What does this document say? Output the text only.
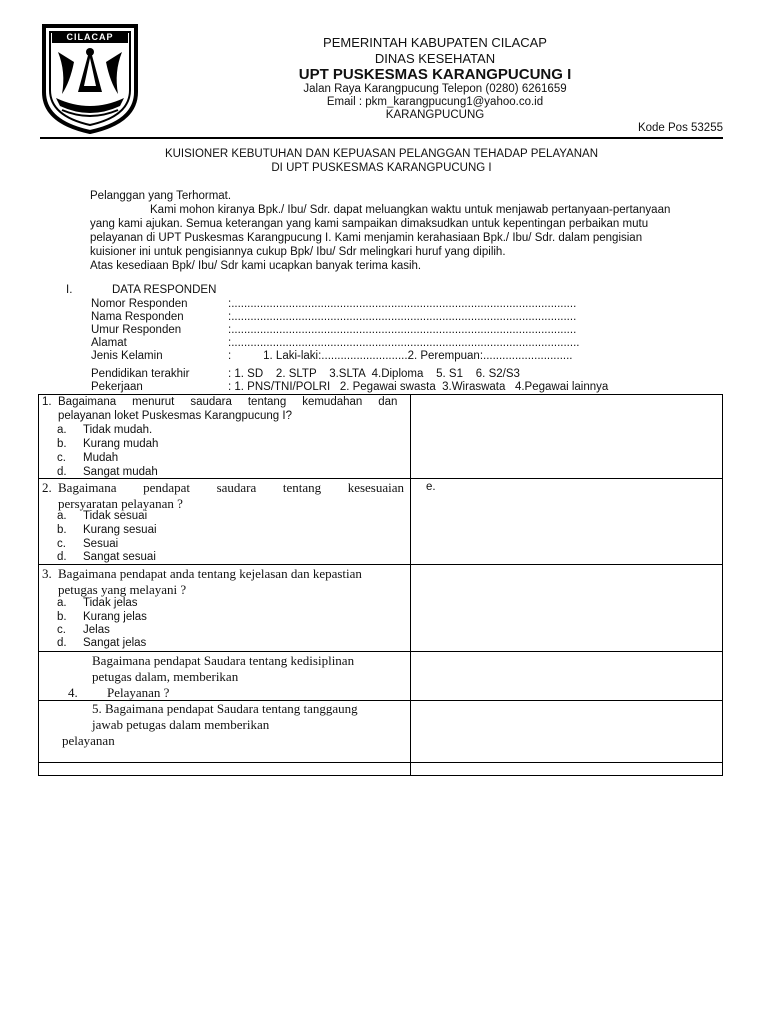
CILACAP	PEMERINTAH KABUPATEN CILACAP
DINAS KESEHATAN
UPT PUSKESMAS KARANGPUCUNG I
Jalan Raya Karangpucung Telepon (0280) 6261659
Email : pkm_karangpucung1@yahoo.co.id
KARANGPUCUNG
Kode Pos 53255
KUISIONER KEBUTUHAN DAN KEPUASAN PELANGGAN TEHADAP PELAYANAN
DI UPT PUSKESMAS KARANGPUCUNG I
Pelanggan yang Terhormat.
Kami mohon kiranya Bpk./ Ibu/ Sdr. dapat meluangkan waktu untuk menjawab pertanyaan-pertanyaan
yang kami ajukan. Semua keterangan yang kami sampaikan dimaksudkan untuk kepentingan perbaikan mutu
pelayanan di UPT Puskesmas Karangpucung I. Kami menjamin kerahasiaan Bpk./ Ibu/ Sdr. dalam pengisian
kuisioner ini untuk pengisiannya cukup Bpk/ Ibu/ Sdr melingkari huruf yang dipilih.
Atas kesediaan Bpk/ Ibu/ Sdr kami ucapkan banyak terima kasih.
I.	DATA RESPONDEN
Nomor Responden	:............................................................................................................
Nama Responden	:............................................................................................................
Umur Responden	:............................................................................................................
Alamat	:.............................................................................................................
Jenis Kelamin	:          1. Laki-laki:...........................2. Perempuan:............................
Pendidikan terakhir	: 1. SD    2. SLTP    3.SLTA  4.Diploma    5. S1    6. S2/S3
Pekerjaan	: 1. PNS/TNI/POLRI   2. Pegawai swasta  3.Wiraswata   4.Pegawai lainnya
1. Bagaimana     menurut     saudara     tentang     kemudahan     dan
pelayanan loket Puskesmas Karangpucung I?
a. Tidak mudah.
b. Kurang mudah
c. Mudah
d. Sangat mudah
2. Bagaimana pendapat saudara tentang kesesuaian
persyaratan pelayanan ?
e.
a. Tidak sesuai
b. Kurang sesuai
c. Sesuai
d. Sangat sesuai
3. Bagaimana pendapat anda tentang kejelasan dan kepastian
petugas yang melayani ?
a. Tidak jelas
b. Kurang jelas
c. Jelas
d. Sangat jelas
Bagaimana pendapat Saudara tentang kedisiplinan
petugas dalam, memberikan
4. Pelayanan ?
5. Bagaimana pendapat Saudara tentang tanggaung
jawab petugas dalam memberikan
pelayanan
